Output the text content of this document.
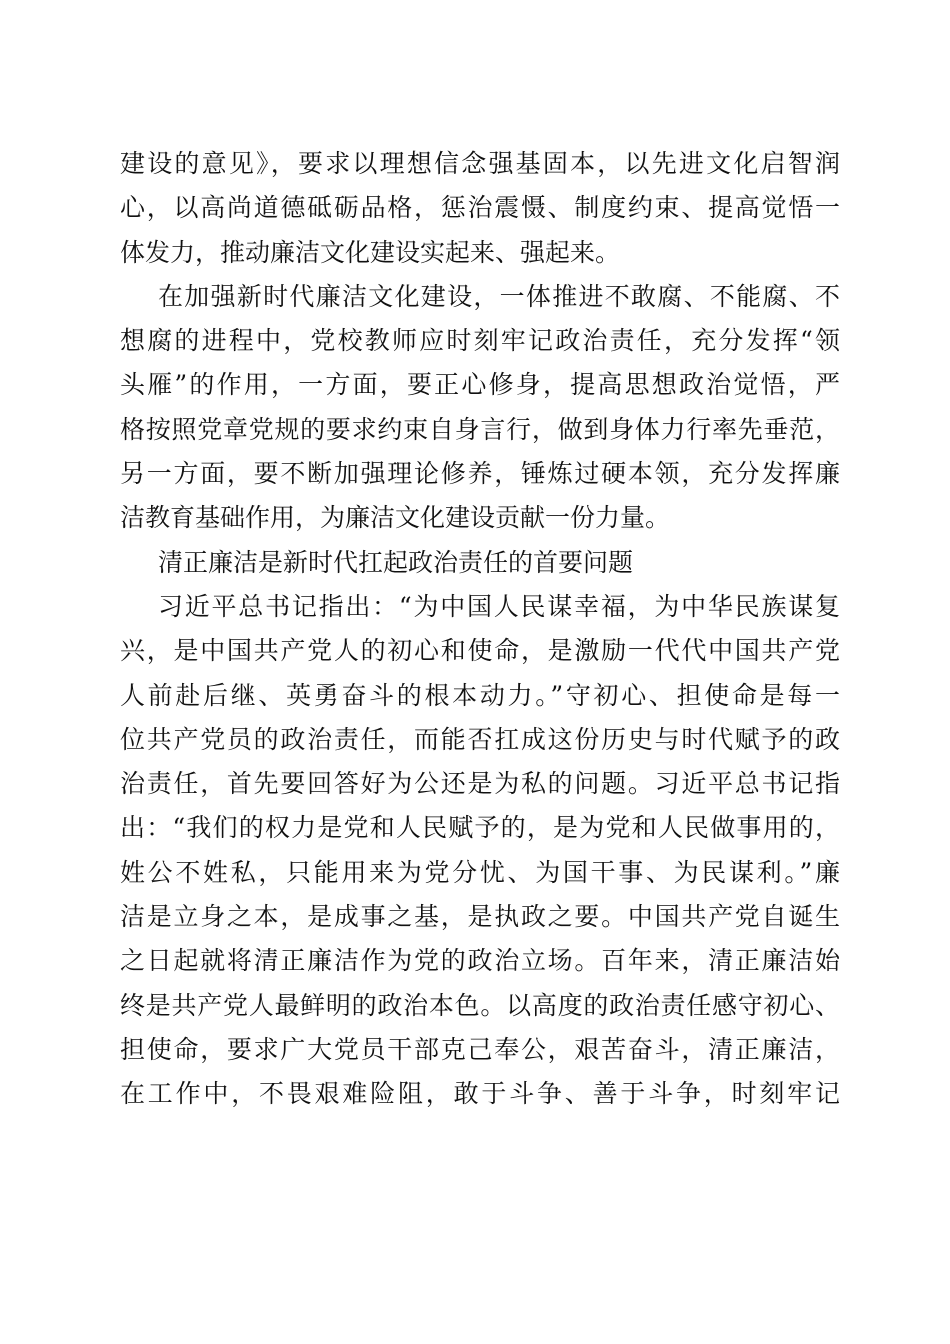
建设的意见》，要求以理想信念强基固本，以先进文化启智润
心，以高尚道德砥砺品格，惩治震慑、制度约束、提高觉悟一
体发力，推动廉洁文化建设实起来、强起来。
在加强新时代廉洁文化建设，一体推进不敢腐、不能腐、不
想腐的进程中，党校教师应时刻牢记政治责任，充分发挥“领
头雁”的作用，一方面，要正心修身，提高思想政治觉悟，严
格按照党章党规的要求约束自身言行，做到身体力行率先垂范，
另一方面，要不断加强理论修养，锤炼过硬本领，充分发挥廉
洁教育基础作用，为廉洁文化建设贡献一份力量。
清正廉洁是新时代扛起政治责任的首要问题
习近平总书记指出：“为中国人民谋幸福，为中华民族谋复
兴，是中国共产党人的初心和使命，是激励一代代中国共产党
人前赴后继、英勇奋斗的根本动力。”守初心、担使命是每一
位共产党员的政治责任，而能否扛成这份历史与时代赋予的政
治责任，首先要回答好为公还是为私的问题。习近平总书记指
出：“我们的权力是党和人民赋予的，是为党和人民做事用的，
姓公不姓私，只能用来为党分忧、为国干事、为民谋利。”廉
洁是立身之本，是成事之基，是执政之要。中国共产党自诞生
之日起就将清正廉洁作为党的政治立场。百年来，清正廉洁始
终是共产党人最鲜明的政治本色。以高度的政治责任感守初心、
担使命，要求广大党员干部克己奉公，艰苦奋斗，清正廉洁，
在工作中，不畏艰难险阻，敢于斗争、善于斗争，时刻牢记
